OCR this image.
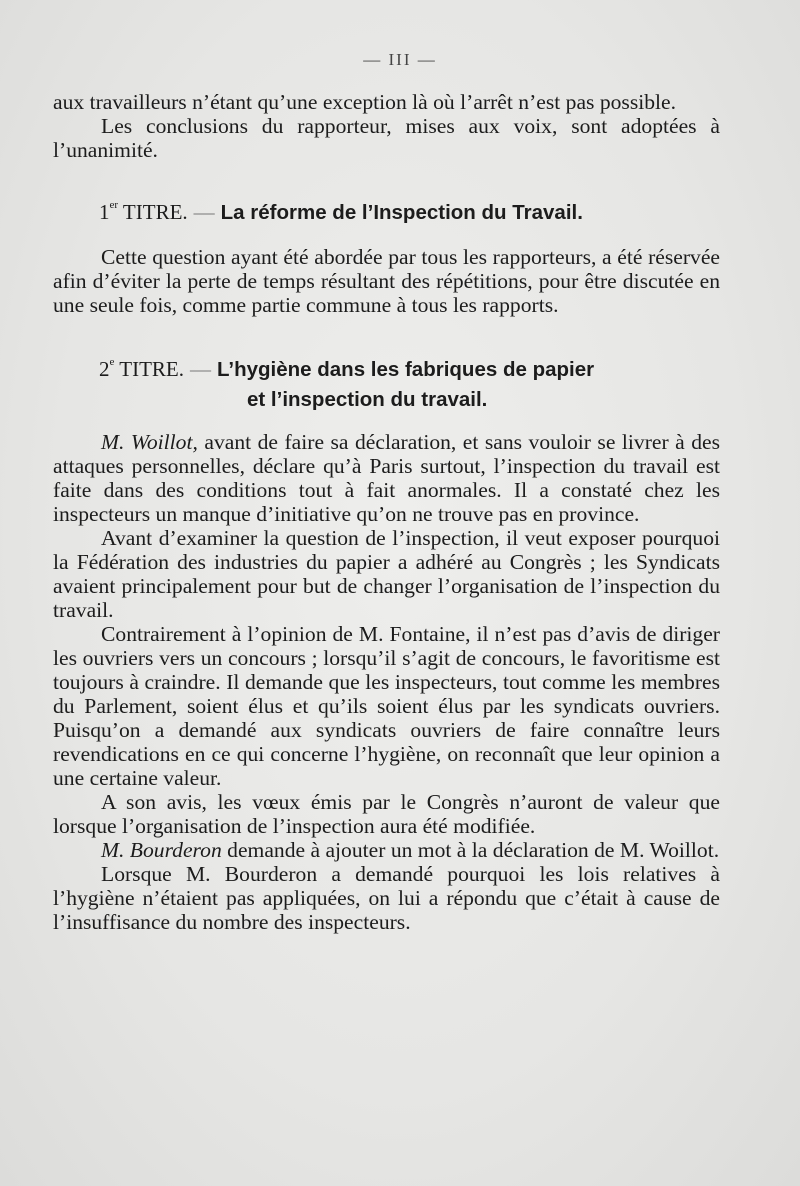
— III —

aux travailleurs n’étant qu’une exception là où l’arrêt n’est pas possible.

Les conclusions du rapporteur, mises aux voix, sont adoptées à l’unanimité.

1er TITRE. — La réforme de l’Inspection du Travail.

Cette question ayant été abordée par tous les rapporteurs, a été réservée afin d’éviter la perte de temps résultant des répétitions, pour être discutée en une seule fois, comme partie commune à tous les rapports.

2e TITRE. — L’hygiène dans les fabriques de papier
et l’inspection du travail.

M. Woillot, avant de faire sa déclaration, et sans vouloir se livrer à des attaques personnelles, déclare qu’à Paris surtout, l’inspection du travail est faite dans des conditions tout à fait anormales. Il a constaté chez les inspecteurs un manque d’initiative qu’on ne trouve pas en province.

Avant d’examiner la question de l’inspection, il veut exposer pourquoi la Fédération des industries du papier a adhéré au Congrès ; les Syndicats avaient principalement pour but de changer l’organisation de l’inspection du travail.

Contrairement à l’opinion de M. Fontaine, il n’est pas d’avis de diriger les ouvriers vers un concours ; lorsqu’il s’agit de concours, le favoritisme est toujours à craindre. Il demande que les inspecteurs, tout comme les membres du Parlement, soient élus et qu’ils soient élus par les syndicats ouvriers. Puisqu’on a demandé aux syndicats ouvriers de faire connaître leurs revendications en ce qui concerne l’hygiène, on reconnaît que leur opinion a une certaine valeur.

A son avis, les vœux émis par le Congrès n’auront de valeur que lorsque l’organisation de l’inspection aura été modifiée.

M. Bourderon demande à ajouter un mot à la déclaration de M. Woillot.

Lorsque M. Bourderon a demandé pourquoi les lois relatives à l’hygiène n’étaient pas appliquées, on lui a répondu que c’était à cause de l’insuffisance du nombre des inspecteurs.
